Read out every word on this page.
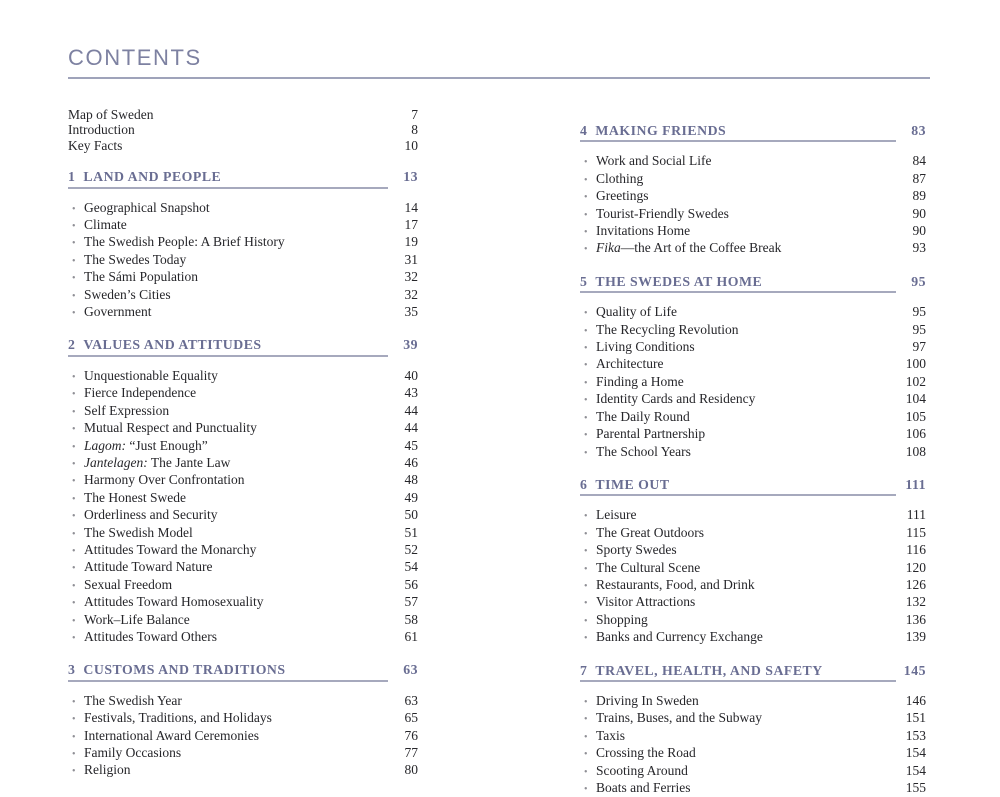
CONTENTS
Map of Sweden	7
Introduction	8
Key Facts	10
1 LAND AND PEOPLE	13
• Geographical Snapshot	14
• Climate	17
• The Swedish People: A Brief History	19
• The Swedes Today	31
• The Sámi Population	32
• Sweden’s Cities	32
• Government	35
2 VALUES AND ATTITUDES	39
• Unquestionable Equality	40
• Fierce Independence	43
• Self Expression	44
• Mutual Respect and Punctuality	44
• Lagom: “Just Enough”	45
• Jantelagen: The Jante Law	46
• Harmony Over Confrontation	48
• The Honest Swede	49
• Orderliness and Security	50
• The Swedish Model	51
• Attitudes Toward the Monarchy	52
• Attitude Toward Nature	54
• Sexual Freedom	56
• Attitudes Toward Homosexuality	57
• Work–Life Balance	58
• Attitudes Toward Others	61
3 CUSTOMS AND TRADITIONS	63
• The Swedish Year	63
• Festivals, Traditions, and Holidays	65
• International Award Ceremonies	76
• Family Occasions	77
• Religion	80
4 MAKING FRIENDS	83
• Work and Social Life	84
• Clothing	87
• Greetings	89
• Tourist-Friendly Swedes	90
• Invitations Home	90
• Fika—the Art of the Coffee Break	93
5 THE SWEDES AT HOME	95
• Quality of Life	95
• The Recycling Revolution	95
• Living Conditions	97
• Architecture	100
• Finding a Home	102
• Identity Cards and Residency	104
• The Daily Round	105
• Parental Partnership	106
• The School Years	108
6 TIME OUT	111
• Leisure	111
• The Great Outdoors	115
• Sporty Swedes	116
• The Cultural Scene	120
• Restaurants, Food, and Drink	126
• Visitor Attractions	132
• Shopping	136
• Banks and Currency Exchange	139
7 TRAVEL, HEALTH, AND SAFETY	145
• Driving In Sweden	146
• Trains, Buses, and the Subway	151
• Taxis	153
• Crossing the Road	154
• Scooting Around	154
• Boats and Ferries	155
